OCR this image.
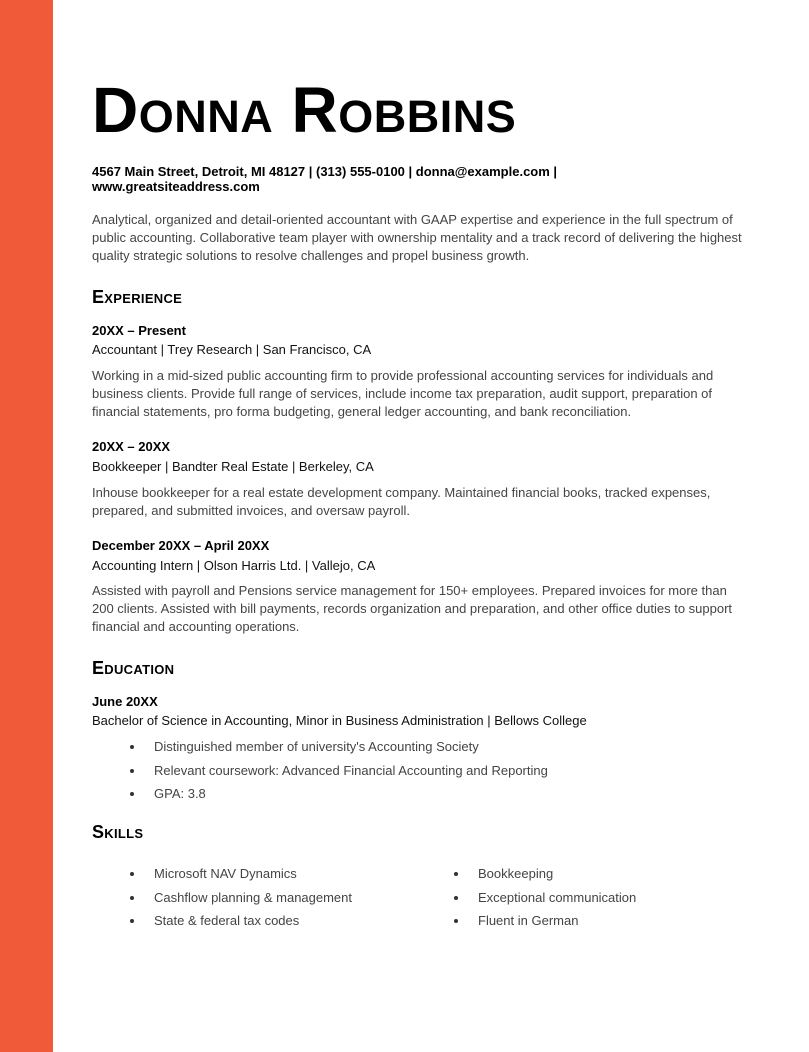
Donna Robbins

4567 Main Street, Detroit, MI 48127 | (313) 555-0100 | donna@example.com |
www.greatsiteaddress.com

Analytical, organized and detail-oriented accountant with GAAP expertise and experience in the full spectrum of public accounting. Collaborative team player with ownership mentality and a track record of delivering the highest quality strategic solutions to resolve challenges and propel business growth.

Experience

20XX – Present

Accountant | Trey Research | San Francisco, CA

Working in a mid-sized public accounting firm to provide professional accounting services for individuals and business clients. Provide full range of services, include income tax preparation, audit support, preparation of financial statements, pro forma budgeting, general ledger accounting, and bank reconciliation.

20XX – 20XX

Bookkeeper | Bandter Real Estate | Berkeley, CA

Inhouse bookkeeper for a real estate development company. Maintained financial books, tracked expenses, prepared, and submitted invoices, and oversaw payroll.

December 20XX – April 20XX

Accounting Intern | Olson Harris Ltd. | Vallejo, CA

Assisted with payroll and Pensions service management for 150+ employees. Prepared invoices for more than 200 clients. Assisted with bill payments, records organization and preparation, and other office duties to support financial and accounting operations.

Education

June 20XX

Bachelor of Science in Accounting, Minor in Business Administration | Bellows College

Distinguished member of university's Accounting Society
Relevant coursework: Advanced Financial Accounting and Reporting
GPA: 3.8
Skills
Microsoft NAV Dynamics
Cashflow planning & management
State & federal tax codes
Bookkeeping
Exceptional communication
Fluent in German
